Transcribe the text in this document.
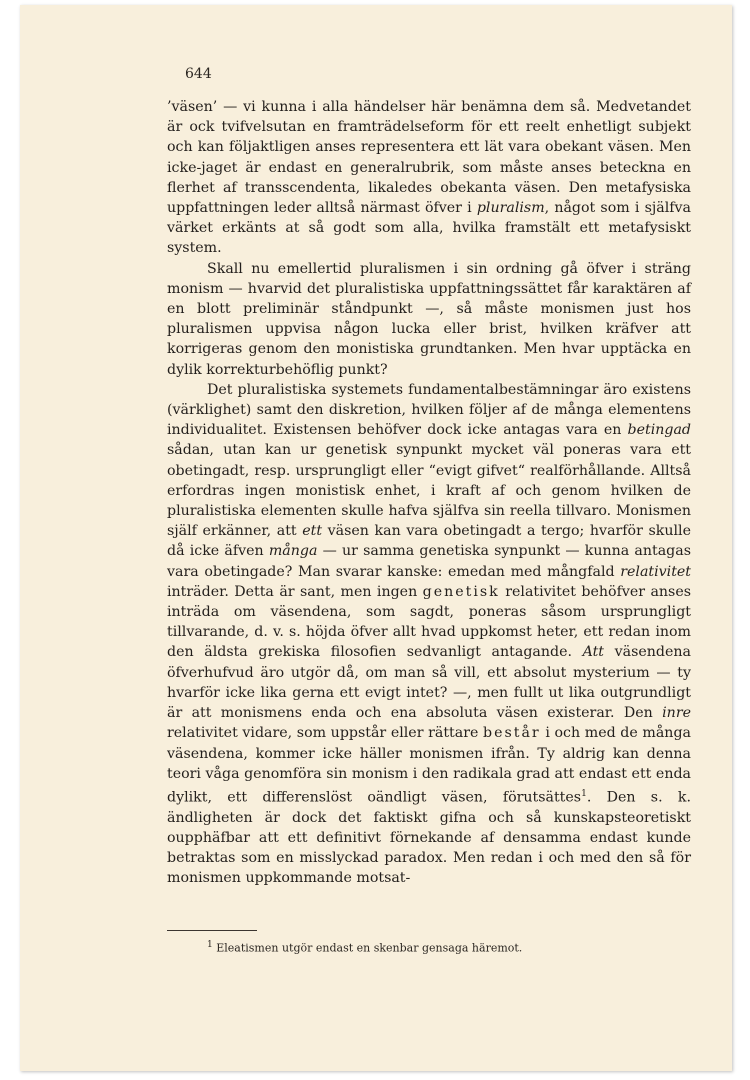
644

’väsen’ — vi kunna i alla händelser här benämna dem så. Medvetandet är ock tvifvelsutan en framträdelseform för ett reelt enhetligt subjekt och kan följaktligen anses representera ett lät vara obekant väsen. Men icke-jaget är endast en generalrubrik, som måste anses beteckna en flerhet af transscendenta, likaledes obekanta väsen. Den metafysiska uppfattningen leder alltså närmast öfver i pluralism, något som i själfva värket erkänts at så godt som alla, hvilka framstält ett metafysiskt system.

Skall nu emellertid pluralismen i sin ordning gå öfver i sträng monism — hvarvid det pluralistiska uppfattningssättet får karaktären af en blott preliminär ståndpunkt —, så måste monismen just hos pluralismen uppvisa någon lucka eller brist, hvilken kräfver att korrigeras genom den monistiska grundtanken. Men hvar upptäcka en dylik korrekturbehöflig punkt?

Det pluralistiska systemets fundamentalbestämningar äro existens (värklighet) samt den diskretion, hvilken följer af de många elementens individualitet. Existensen behöfver dock icke antagas vara en betingad sådan, utan kan ur genetisk synpunkt mycket väl poneras vara ett obetingadt, resp. ursprungligt eller “evigt gifvet“ realförhållande. Alltså erfordras ingen monistisk enhet, i kraft af och genom hvilken de pluralistiska elementen skulle hafva själfva sin reella tillvaro. Monismen själf erkänner, att ett väsen kan vara obetingadt a tergo; hvarför skulle då icke äfven många — ur samma genetiska synpunkt — kunna antagas vara obetingade? Man svarar kanske: emedan med mångfald relativitet inträder. Detta är sant, men ingen genetisk relativitet behöfver anses inträda om väsendena, som sagdt, poneras såsom ursprungligt tillvarande, d. v. s. höjda öfver allt hvad uppkomst heter, ett redan inom den äldsta grekiska filosofien sedvanligt antagande. Att väsendena öfverhufvud äro utgör då, om man så vill, ett absolut mysterium — ty hvarför icke lika gerna ett evigt intet? —, men fullt ut lika outgrundligt är att monismens enda och ena absoluta väsen existerar. Den inre relativitet vidare, som uppstår eller rättare består i och med de många väsendena, kommer icke häller monismen ifrån. Ty aldrig kan denna teori våga genomföra sin monism i den radikala grad att endast ett enda dylikt, ett differenslöst oändligt väsen, förutsättes$^1$. Den s. k. ändligheten är dock det faktiskt gifna och så kunskapsteoretiskt oupphäfbar att ett definitivt förnekande af densamma endast kunde betraktas som en misslyckad paradox. Men redan i och med den så för monismen uppkommande motsat-

$^1$ Eleatismen utgör endast en skenbar gensaga häremot.
